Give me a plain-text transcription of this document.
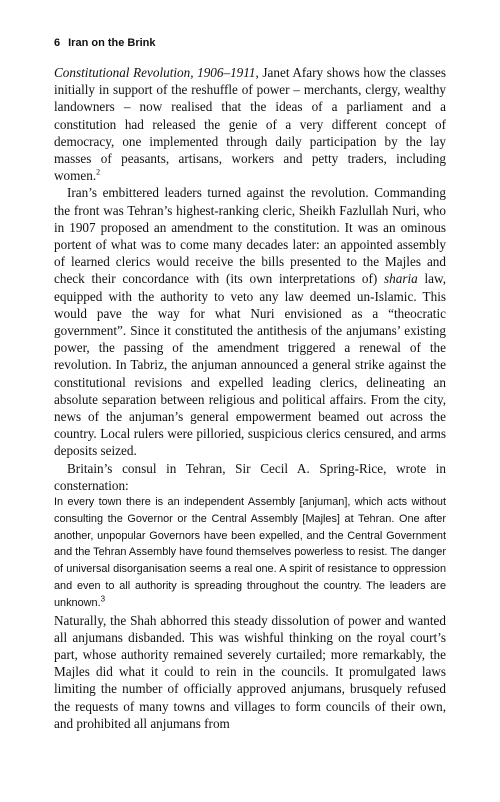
6 Iran on the Brink

Constitutional Revolution, 1906–1911, Janet Afary shows how the classes initially in support of the reshuffle of power – merchants, clergy, wealthy landowners – now realised that the ideas of a parliament and a constitution had released the genie of a very different concept of democracy, one implemented through daily participation by the lay masses of peasants, artisans, workers and petty traders, including women.$^2$

Iran’s embittered leaders turned against the revolution. Commanding the front was Tehran’s highest-ranking cleric, Sheikh Fazlullah Nuri, who in 1907 proposed an amendment to the constitution. It was an ominous portent of what was to come many decades later: an appointed assembly of learned clerics would receive the bills presented to the Majles and check their concordance with (its own interpretations of) sharia law, equipped with the authority to veto any law deemed un-Islamic. This would pave the way for what Nuri envisioned as a “theocratic government”. Since it constituted the antithesis of the anjumans’ existing power, the passing of the amendment triggered a renewal of the revolution. In Tabriz, the anjuman announced a general strike against the constitutional revisions and expelled leading clerics, delineating an absolute separation between religious and political affairs. From the city, news of the anjuman’s general empowerment beamed out across the country. Local rulers were pilloried, suspicious clerics censured, and arms deposits seized.

Britain’s consul in Tehran, Sir Cecil A. Spring-Rice, wrote in consternation:

In every town there is an independent Assembly [anjuman], which acts without consulting the Governor or the Central Assembly [Majles] at Tehran. One after another, unpopular Governors have been expelled, and the Central Government and the Tehran Assembly have found themselves powerless to resist. The danger of universal disorganisation seems a real one. A spirit of resistance to oppression and even to all authority is spreading throughout the country. The leaders are unknown.$^3$

Naturally, the Shah abhorred this steady dissolution of power and wanted all anjumans disbanded. This was wishful thinking on the royal court’s part, whose authority remained severely curtailed; more remarkably, the Majles did what it could to rein in the councils. It promulgated laws limiting the number of officially approved anjumans, brusquely refused the requests of many towns and villages to form councils of their own, and prohibited all anjumans from
